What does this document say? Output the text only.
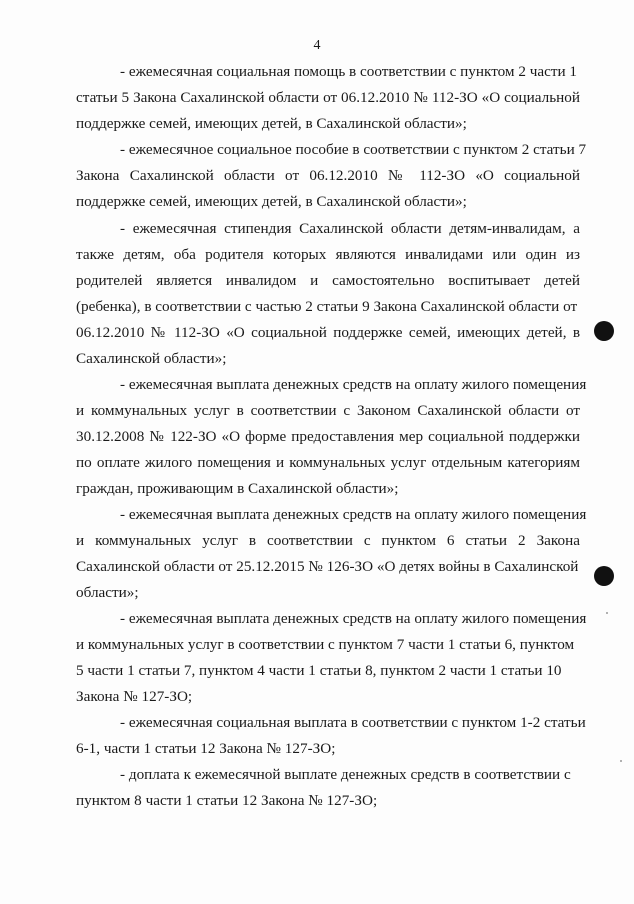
4
- ежемесячная социальная помощь в соответствии с пунктом 2 части 1
статьи 5 Закона Сахалинской области от 06.12.2010 № 112-ЗО «О социальной
поддержке семей, имеющих детей, в Сахалинской области»;
- ежемесячное социальное пособие в соответствии с пунктом 2 статьи 7
Закона Сахалинской области от 06.12.2010 № 112-ЗО «О социальной
поддержке семей, имеющих детей, в Сахалинской области»;
- ежемесячная стипендия Сахалинской области детям-инвалидам, а
также детям, оба родителя которых являются инвалидами или один из
родителей является инвалидом и самостоятельно воспитывает детей
(ребенка), в соответствии с частью 2 статьи 9 Закона Сахалинской области от
06.12.2010 № 112-ЗО «О социальной поддержке семей, имеющих детей, в
Сахалинской области»;
- ежемесячная выплата денежных средств на оплату жилого помещения
и коммунальных услуг в соответствии с Законом Сахалинской области от
30.12.2008 № 122-ЗО «О форме предоставления мер социальной поддержки
по оплате жилого помещения и коммунальных услуг отдельным категориям
граждан, проживающим в Сахалинской области»;
- ежемесячная выплата денежных средств на оплату жилого помещения
и коммунальных услуг в соответствии с пунктом 6 статьи 2 Закона
Сахалинской области от 25.12.2015 № 126-ЗО «О детях войны в Сахалинской
области»;
- ежемесячная выплата денежных средств на оплату жилого помещения
и коммунальных услуг в соответствии с пунктом 7 части 1 статьи 6, пунктом
5 части 1 статьи 7, пунктом 4 части 1 статьи 8, пунктом 2 части 1 статьи 10
Закона № 127-ЗО;
- ежемесячная социальная выплата в соответствии с пунктом 1-2 статьи
6-1, части 1 статьи 12 Закона № 127-ЗО;
- доплата к ежемесячной выплате денежных средств в соответствии с
пунктом 8 части 1 статьи 12 Закона № 127-ЗО;
